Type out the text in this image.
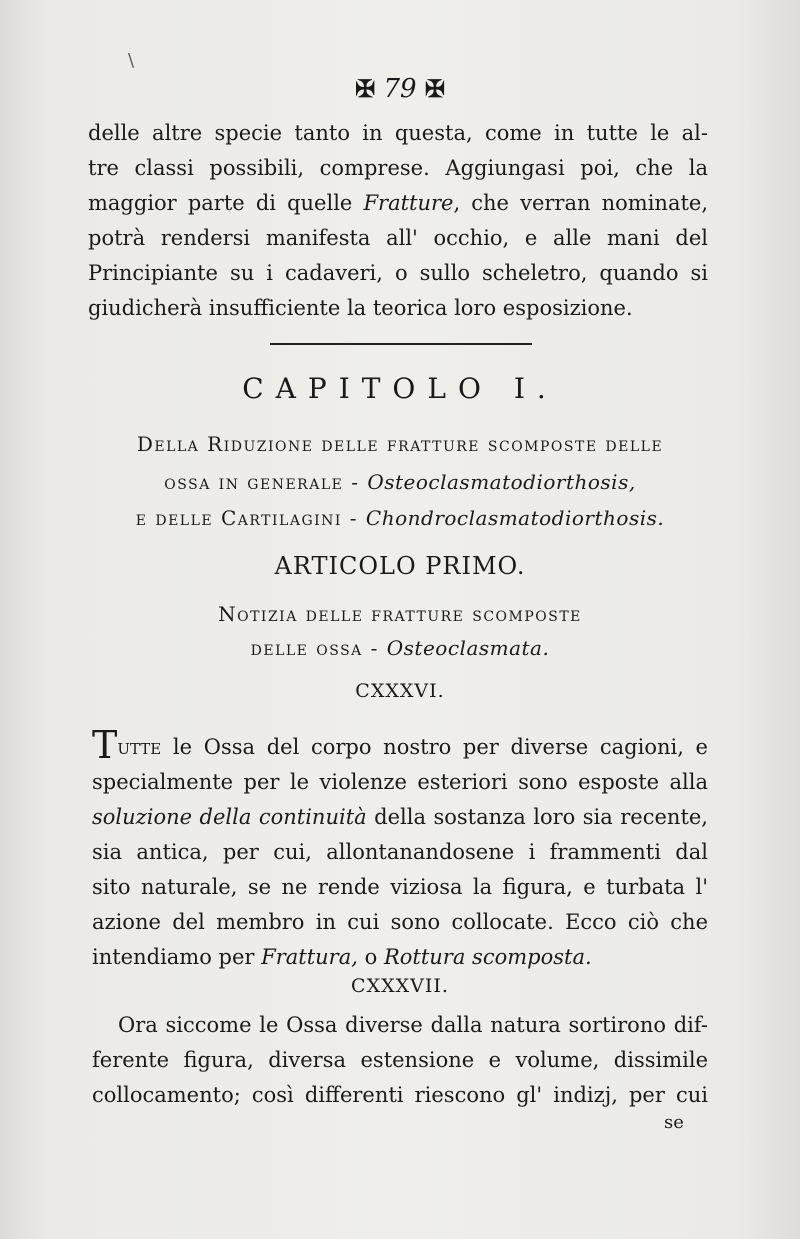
\
✠ 79 ✠
delle altre specie tanto in questa, come in tutte le al-
tre classi possibili, comprese. Aggiungasi poi, che la
maggior parte di quelle Fratture, che verran nominate,
potrà rendersi manifesta all' occhio, e alle mani del
Principiante su i cadaveri, o sullo scheletro, quando si
giudicherà insufficiente la teorica loro esposizione.
CAPITOLO I.
Della Riduzione delle fratture scomposte delle
ossa in generale - Osteoclasmatodiorthosis,
e delle Cartilagini - Chondroclasmatodiorthosis.
ARTICOLO PRIMO.
Notizia delle fratture scomposte
delle ossa - Osteoclasmata.
CXXXVI.
Tutte le Ossa del corpo nostro per diverse cagioni, e
specialmente per le violenze esteriori sono esposte alla
soluzione della continuità della sostanza loro sia recente,
sia antica, per cui, allontanandosene i frammenti dal
sito naturale, se ne rende viziosa la figura, e turbata l'
azione del membro in cui sono collocate. Ecco ciò che
intendiamo per Frattura, o Rottura scomposta.
CXXXVII.
Ora siccome le Ossa diverse dalla natura sortirono dif-
ferente figura, diversa estensione e volume, dissimile
collocamento; così differenti riescono gl' indizj, per cui
se
